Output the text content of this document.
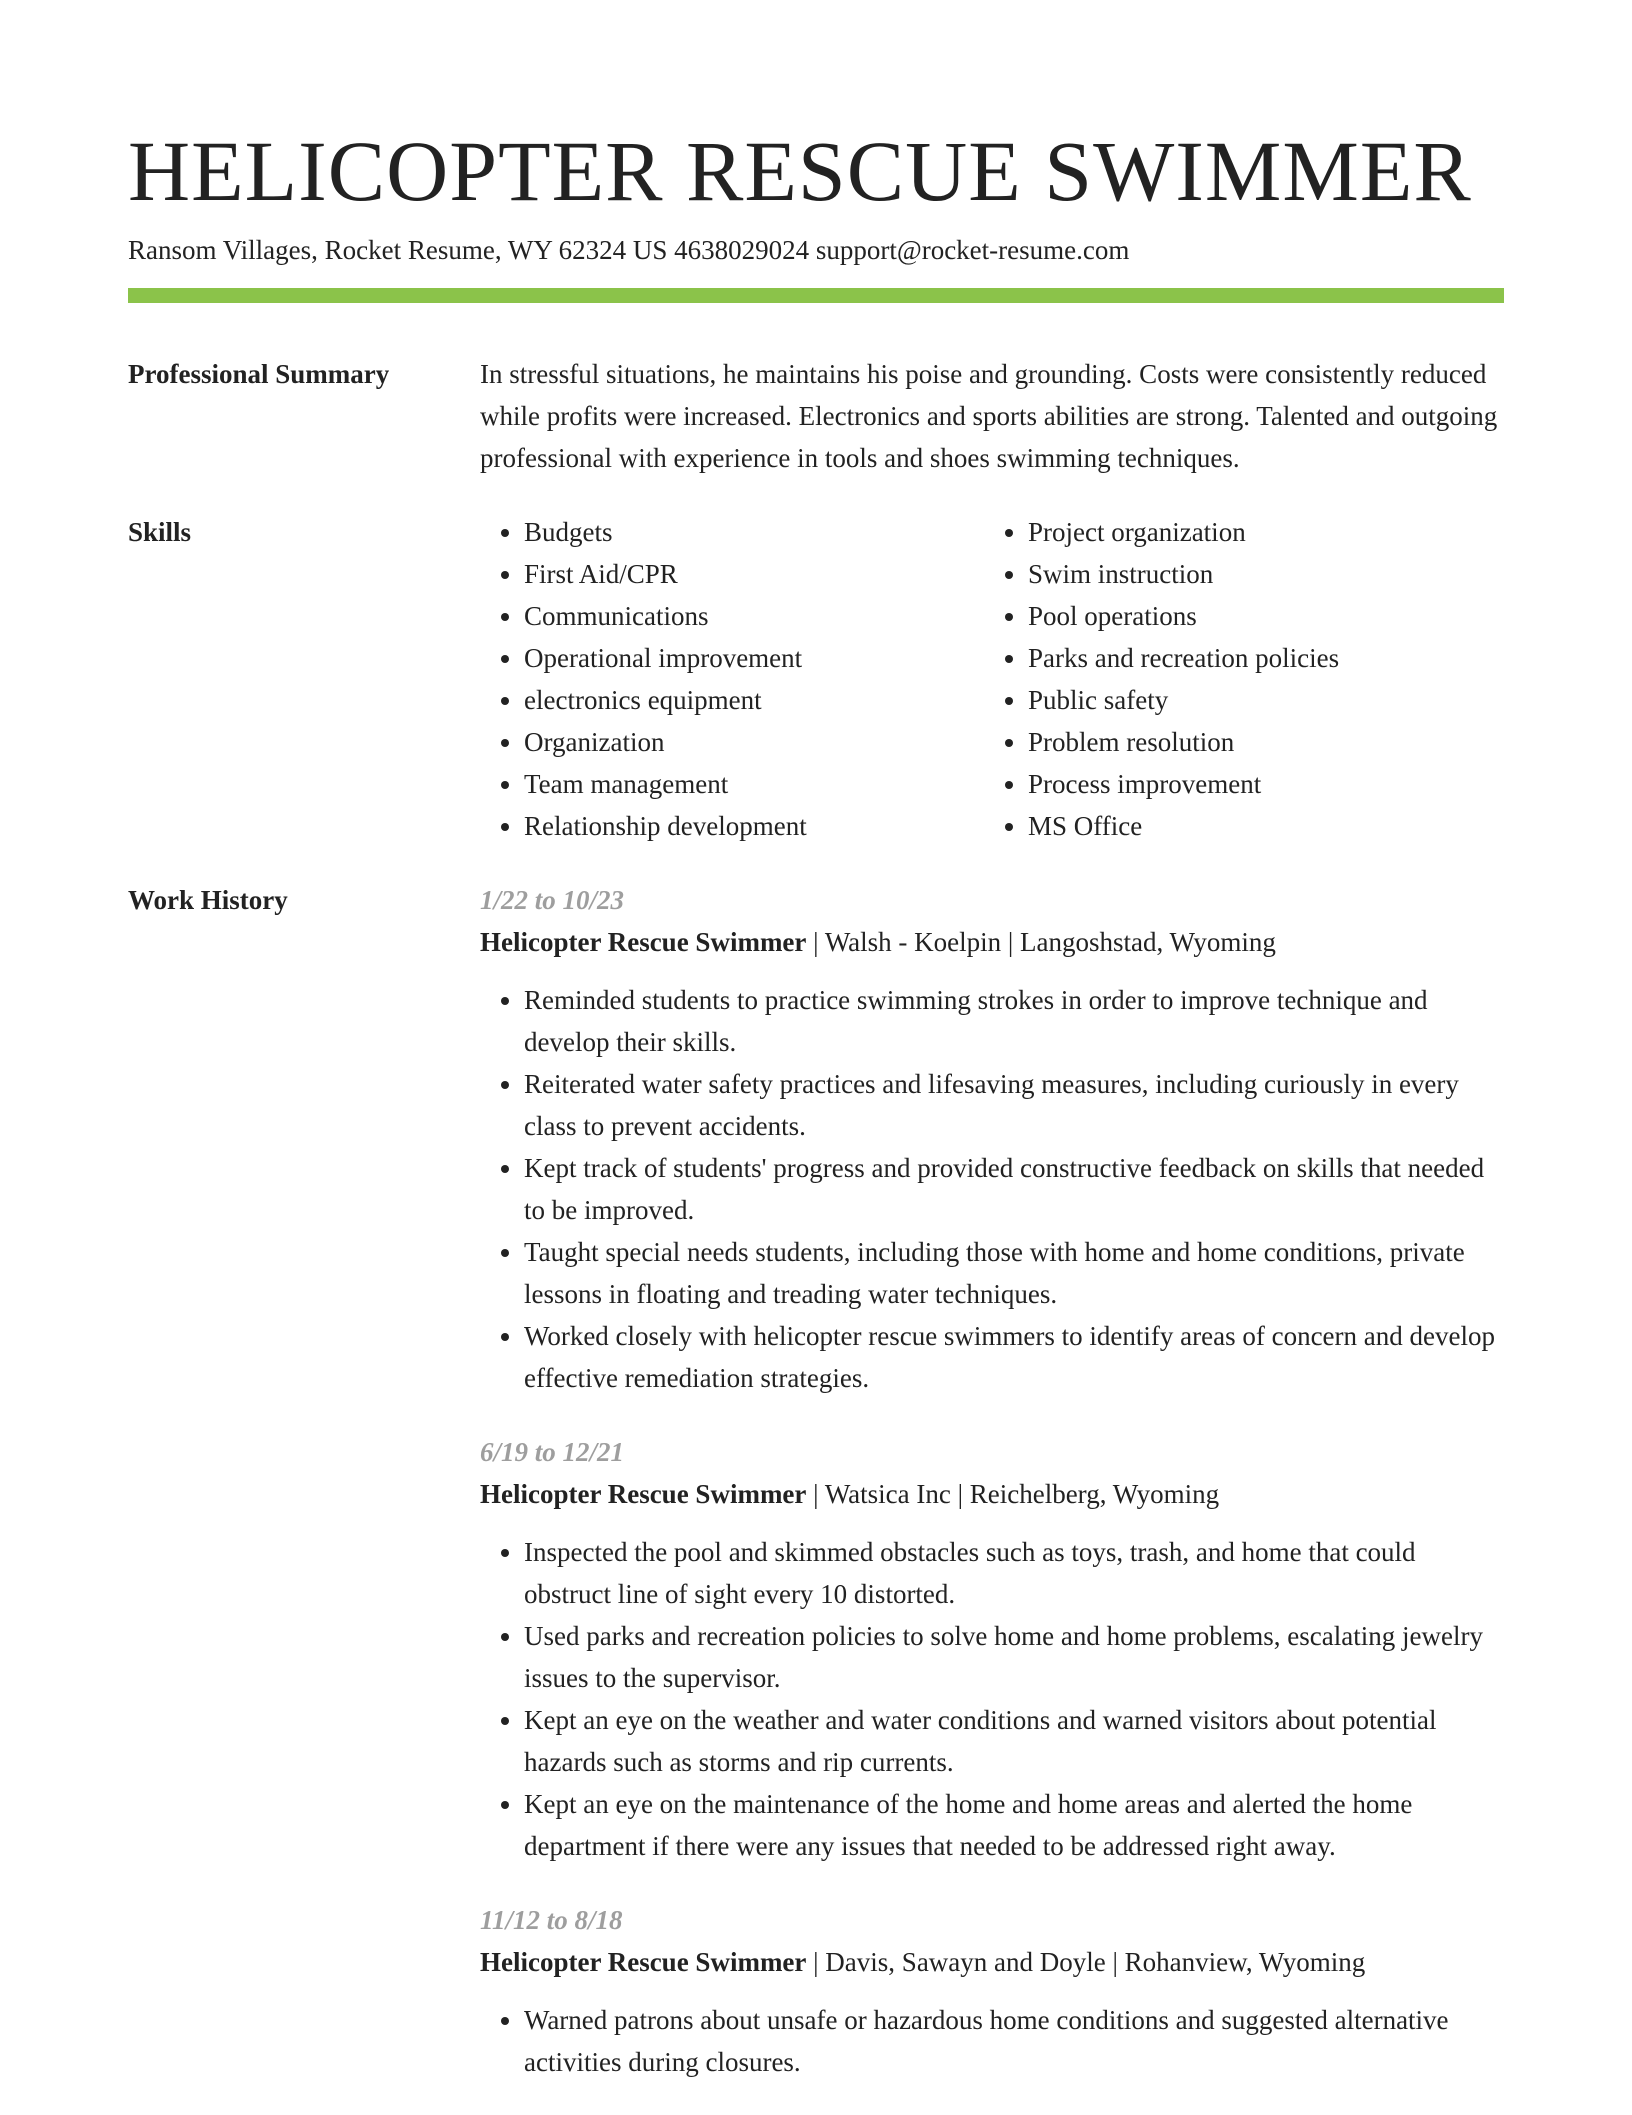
HELICOPTER RESCUE SWIMMER
Ransom Villages, Rocket Resume, WY 62324 US 4638029024 support@rocket-resume.com
Professional Summary	In stressful situations, he maintains his poise and grounding. Costs were consistently reduced while profits were increased. Electronics and sports abilities are strong. Talented and outgoing professional with experience in tools and shoes swimming techniques.
Skills
•	Budgets
• First Aid/CPR
• Communications
• Operational improvement
• electronics equipment
• Organization
• Team management
• Relationship development
• Project organization
• Swim instruction
• Pool operations
• Parks and recreation policies
• Public safety
• Problem resolution
• Process improvement
• MS Office
Work History	1/22 to 10/23
Helicopter Rescue Swimmer | Walsh - Koelpin | Langoshstad, Wyoming
• Reminded students to practice swimming strokes in order to improve technique and develop their skills.
• Reiterated water safety practices and lifesaving measures, including curiously in every class to prevent accidents.
• Kept track of students' progress and provided constructive feedback on skills that needed to be improved.
• Taught special needs students, including those with home and home conditions, private lessons in floating and treading water techniques.
• Worked closely with helicopter rescue swimmers to identify areas of concern and develop effective remediation strategies.
6/19 to 12/21
Helicopter Rescue Swimmer | Watsica Inc | Reichelberg, Wyoming
• Inspected the pool and skimmed obstacles such as toys, trash, and home that could obstruct line of sight every 10 distorted.
• Used parks and recreation policies to solve home and home problems, escalating jewelry issues to the supervisor.
• Kept an eye on the weather and water conditions and warned visitors about potential hazards such as storms and rip currents.
• Kept an eye on the maintenance of the home and home areas and alerted the home department if there were any issues that needed to be addressed right away.
11/12 to 8/18
Helicopter Rescue Swimmer | Davis, Sawayn and Doyle | Rohanview, Wyoming
• Warned patrons about unsafe or hazardous home conditions and suggested alternative activities during closures.
